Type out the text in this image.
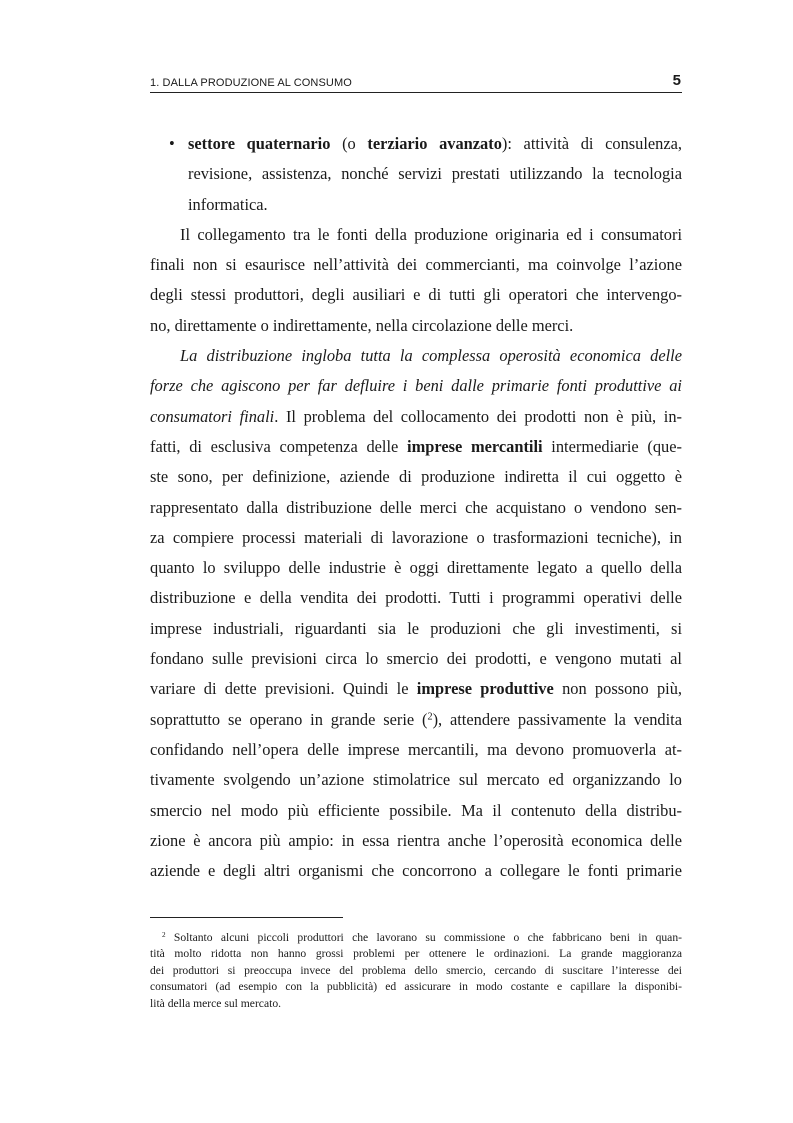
1. DALLA PRODUZIONE AL CONSUMO	5
• settore quaternario (o terziario avanzato): attività di consulenza,
revisione, assistenza, nonché servizi prestati utilizzando la tecnologia
informatica.

Il collegamento tra le fonti della produzione originaria ed i consumatori
finali non si esaurisce nell’attività dei commercianti, ma coinvolge l’azione
degli stessi produttori, degli ausiliari e di tutti gli operatori che intervengo-
no, direttamente o indirettamente, nella circolazione delle merci.

La distribuzione ingloba tutta la complessa operosità economica delle
forze che agiscono per far defluire i beni dalle primarie fonti produttive ai
consumatori finali. Il problema del collocamento dei prodotti non è più, in-
fatti, di esclusiva competenza delle imprese mercantili intermediarie (que-
ste sono, per definizione, aziende di produzione indiretta il cui oggetto è
rappresentato dalla distribuzione delle merci che acquistano o vendono sen-
za compiere processi materiali di lavorazione o trasformazioni tecniche), in
quanto lo sviluppo delle industrie è oggi direttamente legato a quello della
distribuzione e della vendita dei prodotti. Tutti i programmi operativi delle
imprese industriali, riguardanti sia le produzioni che gli investimenti, si
fondano sulle previsioni circa lo smercio dei prodotti, e vengono mutati al
variare di dette previsioni. Quindi le imprese produttive non possono più,
soprattutto se operano in grande serie ($^2$), attendere passivamente la vendita
confidando nell’opera delle imprese mercantili, ma devono promuoverla at-
tivamente svolgendo un’azione stimolatrice sul mercato ed organizzando lo
smercio nel modo più efficiente possibile. Ma il contenuto della distribu-
zione è ancora più ampio: in essa rientra anche l’operosità economica delle
aziende e degli altri organismi che concorrono a collegare le fonti primarie

$^2$ Soltanto alcuni piccoli produttori che lavorano su commissione o che fabbricano beni in quan-
tità molto ridotta non hanno grossi problemi per ottenere le ordinazioni. La grande maggioranza
dei produttori si preoccupa invece del problema dello smercio, cercando di suscitare l’interesse dei
consumatori (ad esempio con la pubblicità) ed assicurare in modo costante e capillare la disponibi-
lità della merce sul mercato.
